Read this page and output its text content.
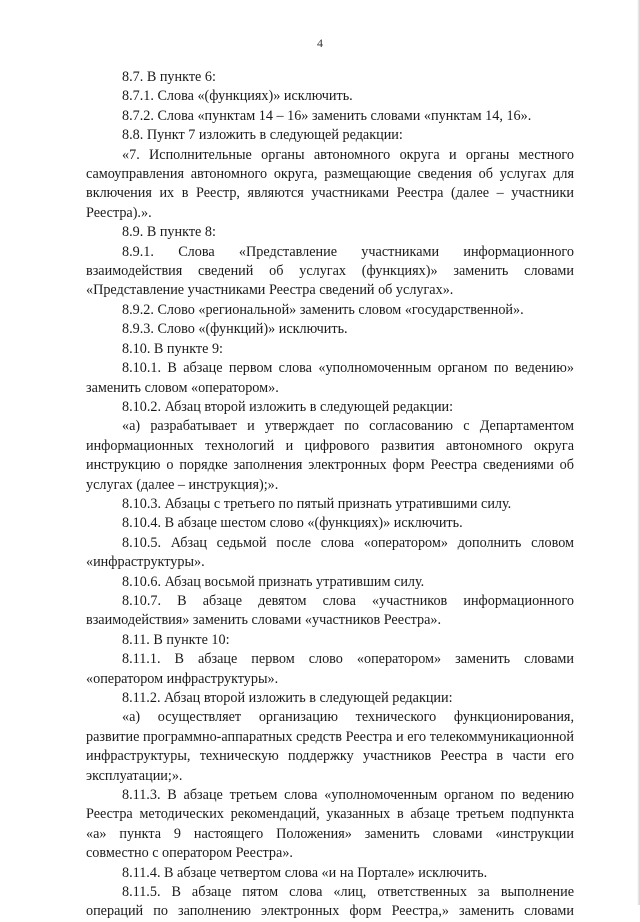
4

8.7. В пункте 6:

8.7.1. Слова «(функциях)» исключить.

8.7.2. Слова «пунктам 14 – 16» заменить словами «пунктам 14, 16».

8.8. Пункт 7 изложить в следующей редакции:

«7. Исполнительные органы автономного округа и органы местного самоуправления автономного округа, размещающие сведения об услугах для включения их в Реестр, являются участниками Реестра (далее – участники Реестра).».

8.9. В пункте 8:

8.9.1. Слова «Представление участниками информационного взаимодействия сведений об услугах (функциях)» заменить словами «Представление участниками Реестра сведений об услугах».

8.9.2. Слово «региональной» заменить словом «государственной».

8.9.3. Слово «(функций)» исключить.

8.10. В пункте 9:

8.10.1. В абзаце первом слова «уполномоченным органом по ведению» заменить словом «оператором».

8.10.2. Абзац второй изложить в следующей редакции:

«а) разрабатывает и утверждает по согласованию с Департаментом информационных технологий и цифрового развития автономного округа инструкцию о порядке заполнения электронных форм Реестра сведениями об услугах (далее – инструкция);».

8.10.3. Абзацы с третьего по пятый признать утратившими силу.

8.10.4. В абзаце шестом слово «(функциях)» исключить.

8.10.5. Абзац седьмой после слова «оператором» дополнить словом «инфраструктуры».

8.10.6. Абзац восьмой признать утратившим силу.

8.10.7. В абзаце девятом слова «участников информационного взаимодействия» заменить словами «участников Реестра».

8.11. В пункте 10:

8.11.1. В абзаце первом слово «оператором» заменить словами «оператором инфраструктуры».

8.11.2. Абзац второй изложить в следующей редакции:

«а) осуществляет организацию технического функционирования, развитие программно-аппаратных средств Реестра и его телекоммуникационной инфраструктуры, техническую поддержку участников Реестра в части его эксплуатации;».

8.11.3. В абзаце третьем слова «уполномоченным органом по ведению Реестра методических рекомендаций, указанных в абзаце третьем подпункта «а» пункта 9 настоящего Положения» заменить словами «инструкции совместно с оператором Реестра».

8.11.4. В абзаце четвертом слова «и на Портале» исключить.

8.11.5. В абзаце пятом слова «лиц, ответственных за выполнение операций по заполнению электронных форм Реестра,» заменить словами
